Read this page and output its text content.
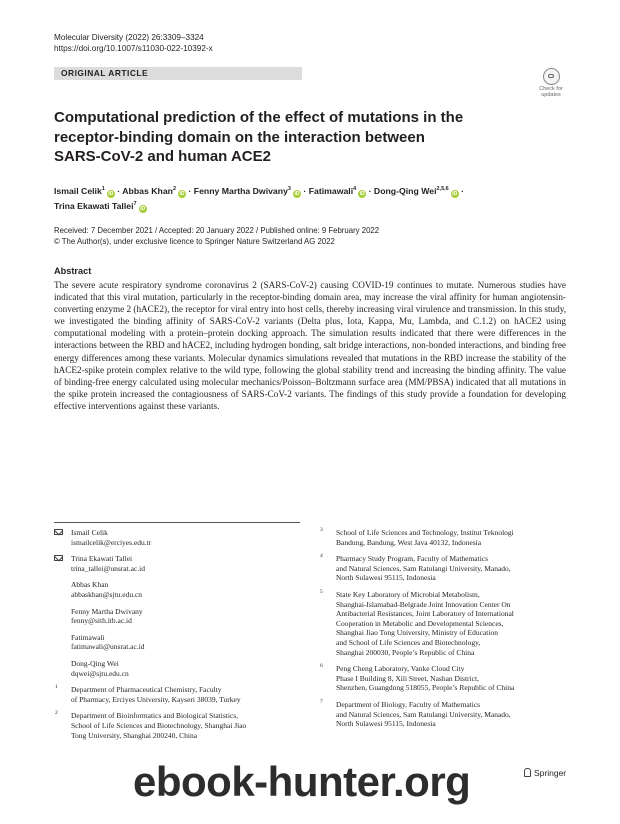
Molecular Diversity (2022) 26:3309–3324
https://doi.org/10.1007/s11030-022-10392-x
ORIGINAL ARTICLE
Check for
updates
Computational prediction of the effect of mutations in the receptor-binding domain on the interaction between SARS-CoV-2 and human ACE2
Ismail Celik$^1$iD · Abbas Khan$^2$iD · Fenny Martha Dwivany$^3$iD · Fatimawali$^4$iD · Dong-Qing Wei$^{2,5,6}$iD ·
Trina Ekawati Tallei$^7$iD
Received: 7 December 2021 / Accepted: 20 January 2022 / Published online: 9 February 2022
© The Author(s), under exclusive licence to Springer Nature Switzerland AG 2022
Abstract

The severe acute respiratory syndrome coronavirus 2 (SARS-CoV-2) causing COVID-19 continues to mutate. Numerous studies have indicated that this viral mutation, particularly in the receptor-binding domain area, may increase the viral affinity for human angiotensin-converting enzyme 2 (hACE2), the receptor for viral entry into host cells, thereby increasing viral virulence and transmission. In this study, we investigated the binding affinity of SARS-CoV-2 variants (Delta plus, Iota, Kappa, Mu, Lambda, and C.1.2) on hACE2 using computational modeling with a protein–protein docking approach. The simulation results indicated that there were differences in the interactions between the RBD and hACE2, including hydrogen bonding, salt bridge interactions, non-bonded interactions, and binding free energy differences among these variants. Molecular dynamics simulations revealed that mutations in the RBD increase the stability of the hACE2-spike protein complex relative to the wild type, following the global stability trend and increasing the binding affinity. The value of binding-free energy calculated using molecular mechanics/Poisson–Boltzmann surface area (MM/PBSA) indicated that all mutations in the spike protein increased the contagiousness of SARS-CoV-2 variants. The findings of this study provide a foundation for developing effective interventions against these variants.

Ismail Celik
ismailcelik@erciyes.edu.tr
Trina Ekawati Tallei
trina_tallei@unsrat.ac.id
Abbas Khan
abbaskhan@sjtu.edu.cn
Fenny Martha Dwivany
fenny@sith.itb.ac.id
Fatimawali
fatimawali@unsrat.ac.id
Dong-Qing Wei
dqwei@sjtu.edu.cn
1 Department of Pharmaceutical Chemistry, Faculty
of Pharmacy, Erciyes University, Kayseri 38039, Turkey
2 Department of Bioinformatics and Biological Statistics,
School of Life Sciences and Biotechnology, Shanghai Jiao
Tong University, Shanghai 200240, China
3 School of Life Sciences and Technology, Institut Teknologi
Bandung, Bandung, West Java 40132, Indonesia
4 Pharmacy Study Program, Faculty of Mathematics
and Natural Sciences, Sam Ratulangi University, Manado,
North Sulawesi 95115, Indonesia
5 State Key Laboratory of Microbial Metabolism,
Shanghai-Islamabad-Belgrade Joint Innovation Center On
Antibacterial Resistances, Joint Laboratory of International
Cooperation in Metabolic and Developmental Sciences,
Shanghai Jiao Tong University, Ministry of Education
and School of Life Sciences and Biotechnology,
Shanghai 200030, People’s Republic of China
6 Peng Cheng Laboratory, Vanke Cloud City
Phase I Building 8, Xili Street, Nashan District,
Shenzhen, Guangdong 518055, People’s Republic of China
7 Department of Biology, Faculty of Mathematics
and Natural Sciences, Sam Ratulangi University, Manado,
North Sulawesi 95115, Indonesia
Springer
ebook-hunter.org
